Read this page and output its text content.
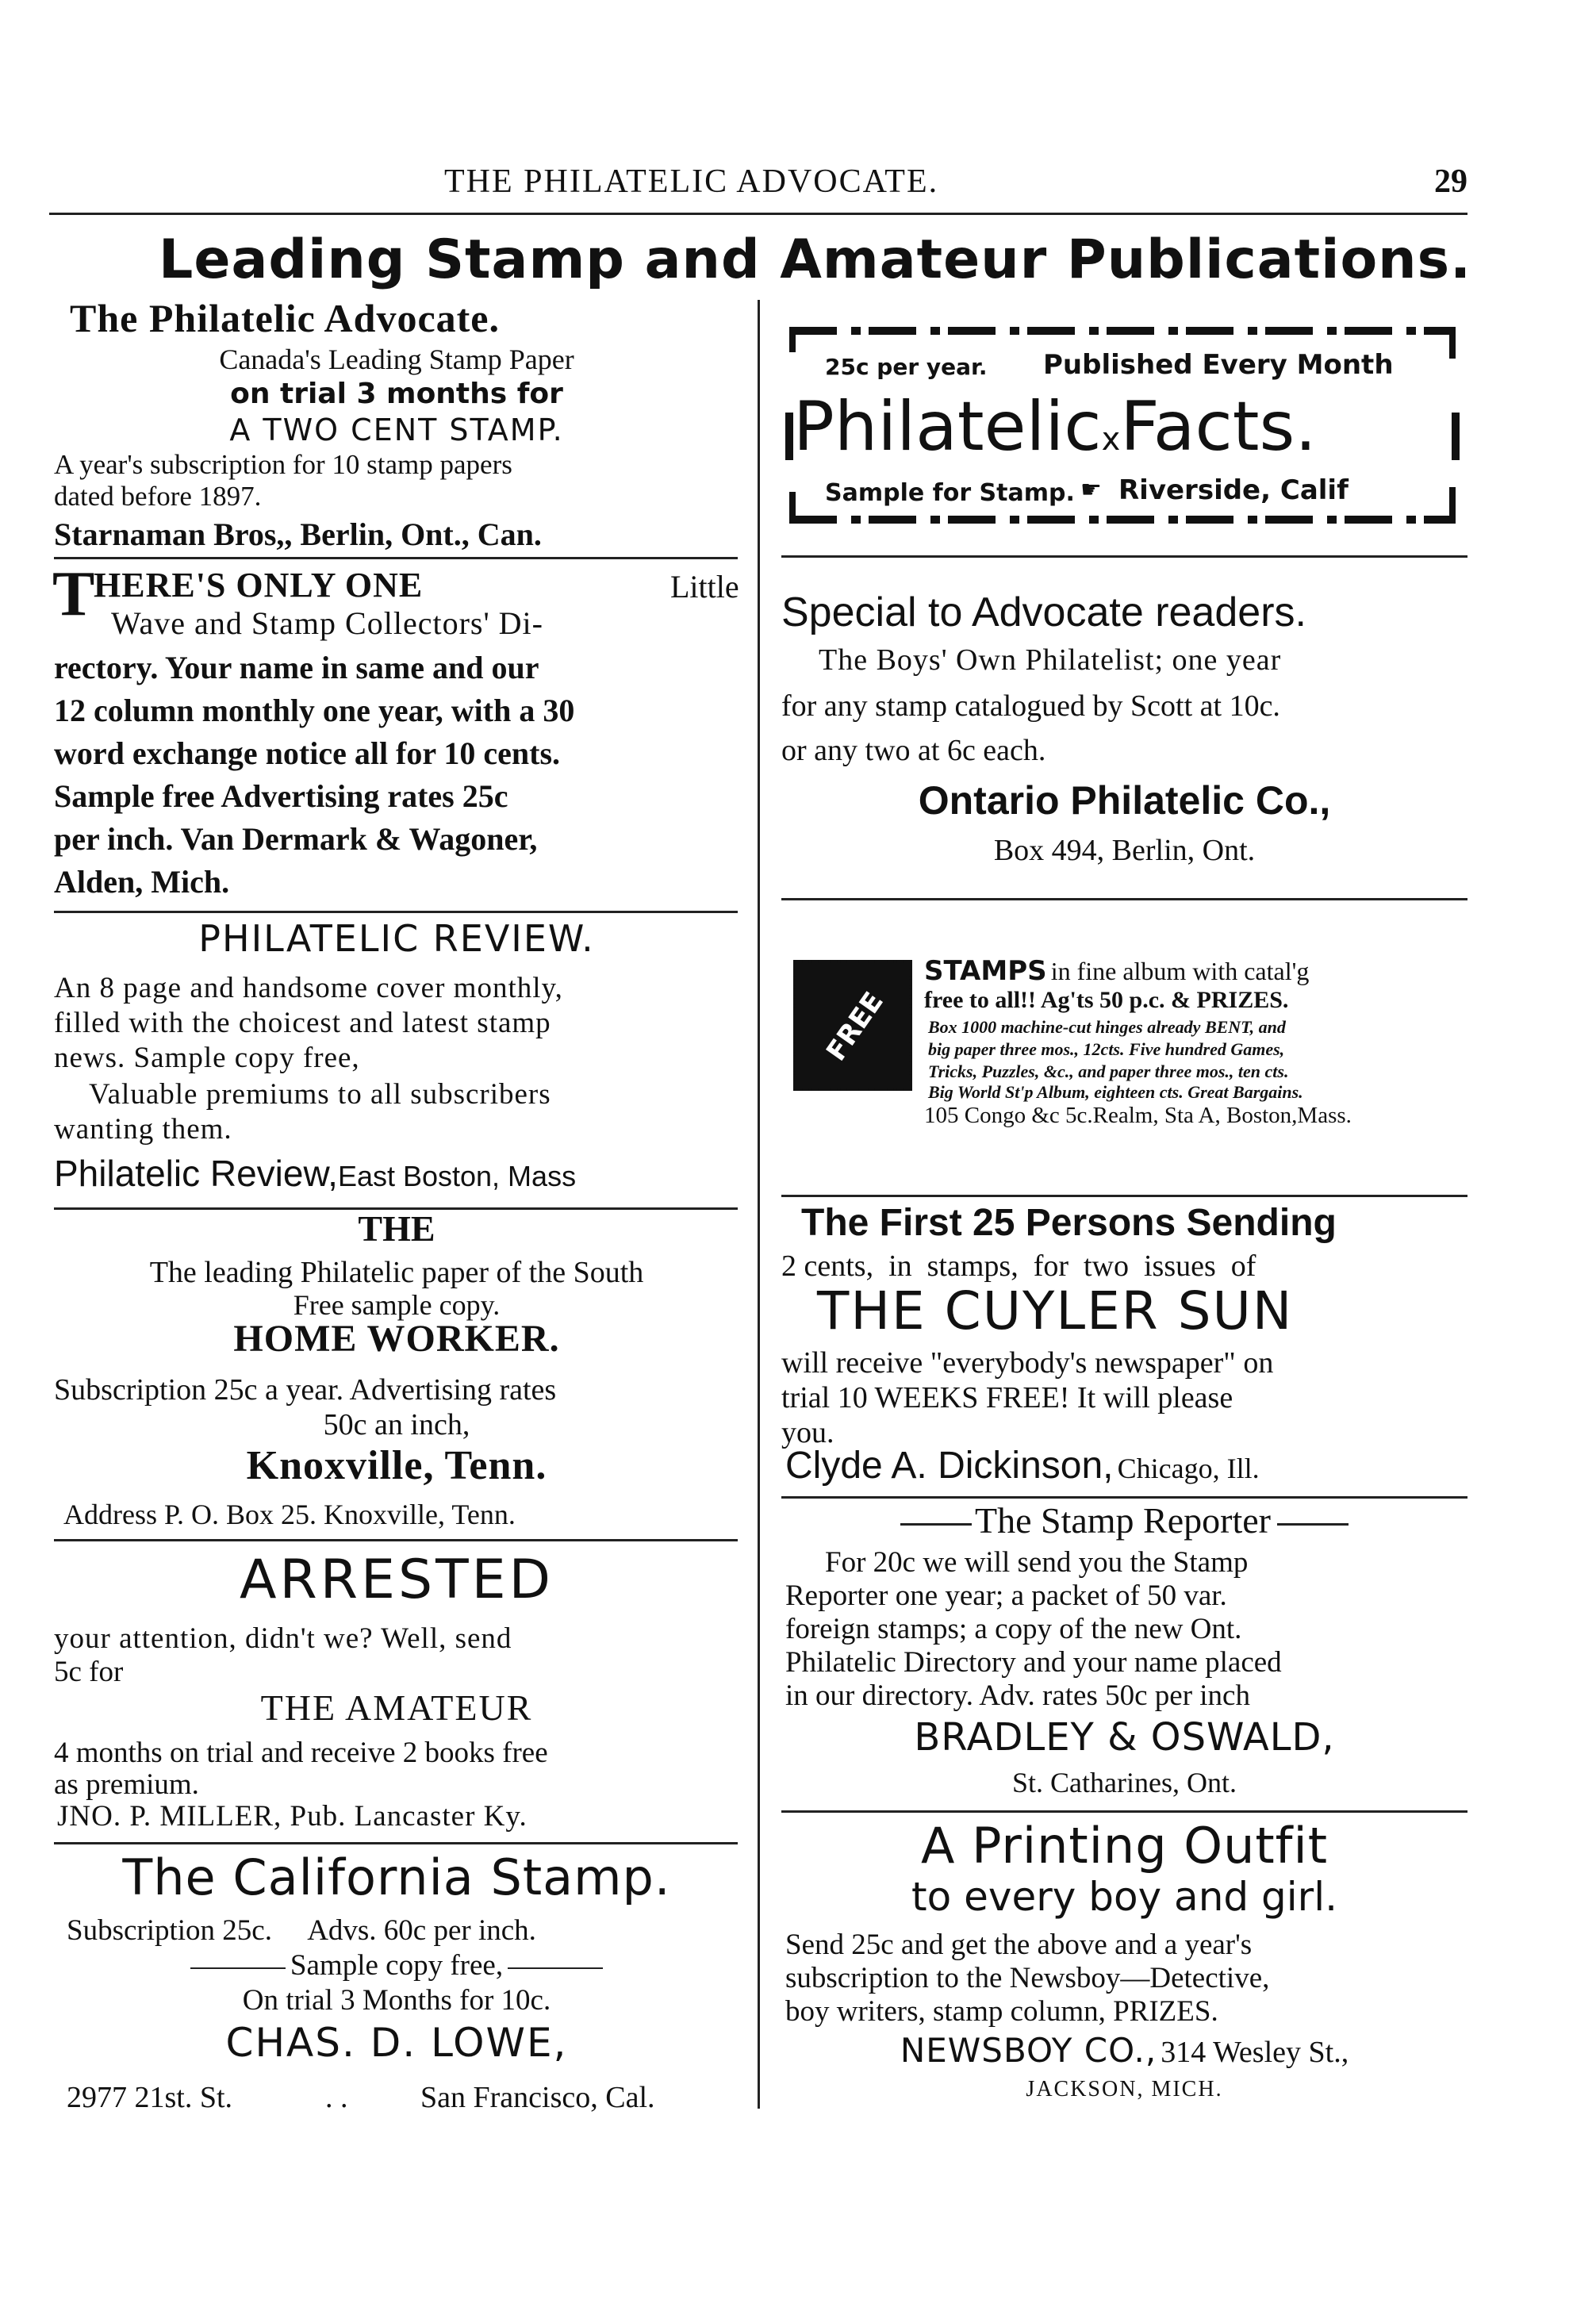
THE PHILATELIC ADVOCATE.	29
Leading Stamp and Amateur Publications.
The Philatelic Advocate.
Canada's Leading Stamp Paper
on trial 3 months for
A TWO CENT STAMP.
A year's subscription for 10 stamp papers
dated before 1897.
Starnaman Bros,, Berlin, Ont., Can.
T
HERE'S ONLY ONE	Little
Wave and Stamp Collectors' Di-
rectory. Your name in same and our
12 column monthly one year, with a 30
word exchange notice all for 10 cents.
Sample free Advertising rates 25c
per inch. Van Dermark & Wagoner,
Alden, Mich.
PHILATELIC REVIEW.
An 8 page and handsome cover monthly,
filled with the choicest and latest stamp
news. Sample copy free,
Valuable premiums to all subscribers
wanting them.
Philatelic Review,East Boston, Mass
THE
The leading Philatelic paper of the South
Free sample copy.
HOME WORKER.
Subscription 25c a year. Advertising rates
50c an inch,
Knoxville, Tenn.
Address P. O. Box 25. Knoxville, Tenn.
ARRESTED
your attention, didn't we? Well, send
5c for
THE AMATEUR
4 months on trial and receive 2 books free
as premium.
JNO. P. MILLER, Pub. Lancaster Ky.
The California Stamp.
Subscription 25c.     Advs. 60c per inch.
Sample copy free,
On trial 3 Months for 10c.
CHAS. D. LOWE,
2977 21st. St.	. . San Francisco, Cal.
25c per year. Published Every Month
PhilatelicxFacts.
Sample for Stamp. ☛ Riverside, Calif
Special to Advocate readers.
The Boys' Own Philatelist; one year
for any stamp catalogued by Scott at 10c.
or any two at 6c each.
Ontario Philatelic Co.,
Box 494, Berlin, Ont.
FREE
STAMPS in fine album with catal'g
free to all!! Ag'ts 50 p.c. & PRIZES.
Box 1000 machine-cut hinges already BENT, and
big paper three mos., 12cts. Five hundred Games,
Tricks, Puzzles, &c., and paper three mos., ten cts.
Big World St'p Album, eighteen cts. Great Bargains.
105 Congo &c 5c.Realm, Sta A, Boston,Mass.
The First 25 Persons Sending
2 cents,  in  stamps,  for  two  issues  of
THE CUYLER SUN
will receive "everybody's newspaper" on
trial 10 WEEKS FREE! It will please
you.
Clyde A. Dickinson, Chicago, Ill.
The Stamp Reporter
For 20c we will send you the Stamp
Reporter one year; a packet of 50 var.
foreign stamps; a copy of the new Ont.
Philatelic Directory and your name placed
in our directory. Adv. rates 50c per inch
BRADLEY & OSWALD,
St. Catharines, Ont.
A Printing Outfit
to every boy and girl.
Send 25c and get the above and a year's
subscription to the Newsboy—Detective,
boy writers, stamp column, PRIZES.
NEWSBOY CO., 314 Wesley St.,
JACKSON, MICH.
